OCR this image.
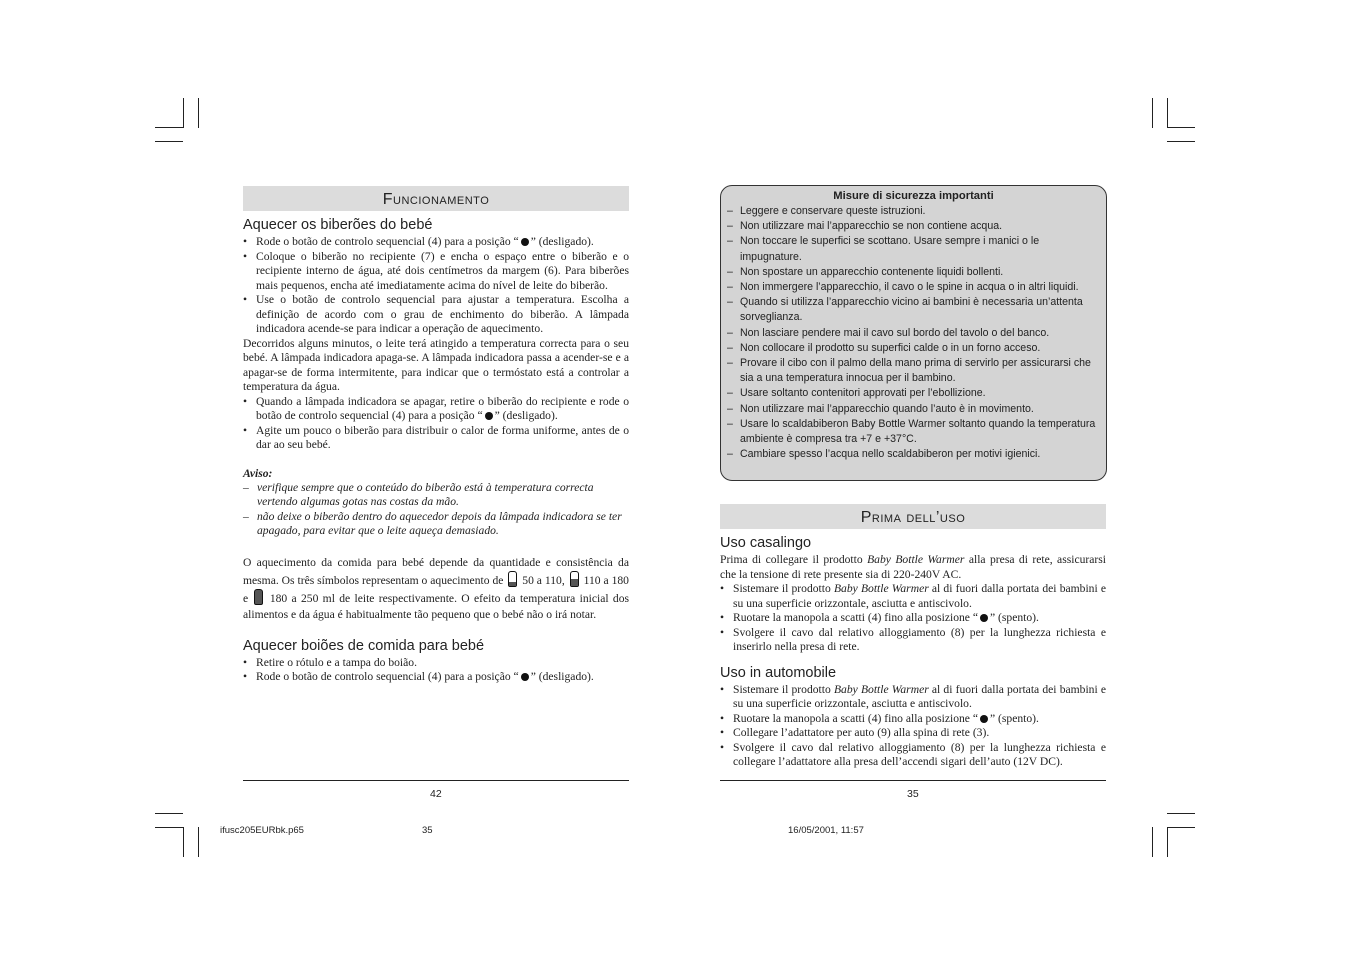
Funcionamento
Aquecer os biberões do bebé
• Rode o botão de controlo sequencial (4) para a posição “ ” (desligado).
• Coloque o biberão no recipiente (7) e encha o espaço entre o biberão e o recipiente interno de água, até dois centímetros da margem (6). Para biberões mais pequenos, encha até imediatamente acima do nível de leite do biberão.
• Use o botão de controlo sequencial para ajustar a temperatura. Escolha a definição de acordo com o grau de enchimento do biberão. A lâmpada indicadora acende-se para indicar a operação de aquecimento.

Decorridos alguns minutos, o leite terá atingido a temperatura correcta para o seu bebé. A lâmpada indicadora apaga-se. A lâmpada indicadora passa a acender-se e a apagar-se de forma intermitente, para indicar que o termóstato está a controlar a temperatura da água.

• Quando a lâmpada indicadora se apagar, retire o biberão do recipiente e rode o botão de controlo sequencial (4) para a posição “ ” (desligado).
• Agite um pouco o biberão para distribuir o calor de forma uniforme, antes de o dar ao seu bebé.
Aviso:
– verifique sempre que o conteúdo do biberão está à temperatura correcta vertendo algumas gotas nas costas da mão.
– não deixe o biberão dentro do aquecedor depois da lâmpada indicadora se ter apagado, para evitar que o leite aqueça demasiado.

O aquecimento da comida para bebé depende da quantidade e consistência da mesma. Os três símbolos representam o aquecimento de 50 a 110, 110 a 180 e 180 a 250 ml de leite respectivamente. O efeito da temperatura inicial dos alimentos e da água é habitualmente tão pequeno que o bebé não o irá notar.

Aquecer boiões de comida para bebé
• Retire o rótulo e a tampa do boião.
• Rode o botão de controlo sequencial (4) para a posição “ ” (desligado).
42
Misure di sicurezza importanti
– Leggere e conservare queste istruzioni.
– Non utilizzare mai l’apparecchio se non contiene acqua.
– Non toccare le superfici se scottano. Usare sempre i manici o le impugnature.
– Non spostare un apparecchio contenente liquidi bollenti.
– Non immergere l’apparecchio, il cavo o le spine in acqua o in altri liquidi.
– Quando si utilizza l’apparecchio vicino ai bambini è necessaria un’attenta sorveglianza.
– Non lasciare pendere mai il cavo sul bordo del tavolo o del banco.
– Non collocare il prodotto su superfici calde o in un forno acceso.
– Provare il cibo con il palmo della mano prima di servirlo per assicurarsi che sia a una temperatura innocua per il bambino.
– Usare soltanto contenitori approvati per l’ebollizione.
– Non utilizzare mai l’apparecchio quando l’auto è in movimento.
– Usare lo scaldabiberon Baby Bottle Warmer soltanto quando la temperatura ambiente è compresa tra +7 e +37°C.
– Cambiare spesso l’acqua nello scaldabiberon per motivi igienici.
Prima dell’uso
Uso casalingo

Prima di collegare il prodotto Baby Bottle Warmer alla presa di rete, assicurarsi che la tensione di rete presente sia di 220-240V AC.

• Sistemare il prodotto Baby Bottle Warmer al di fuori dalla portata dei bambini e su una superficie orizzontale, asciutta e antiscivolo.
• Ruotare la manopola a scatti (4) fino alla posizione “ ” (spento).
• Svolgere il cavo dal relativo alloggiamento (8) per la lunghezza richiesta e inserirlo nella presa di rete.
Uso in automobile
• Sistemare il prodotto Baby Bottle Warmer al di fuori dalla portata dei bambini e su una superficie orizzontale, asciutta e antiscivolo.
• Ruotare la manopola a scatti (4) fino alla posizione “ ” (spento).
• Collegare l’adattatore per auto (9) alla spina di rete (3).
• Svolgere il cavo dal relativo alloggiamento (8) per la lunghezza richiesta e collegare l’adattatore alla presa dell’accendi sigari dell’auto (12V DC).
35
ifusc205EURbk.p65	35	16/05/2001, 11:57
